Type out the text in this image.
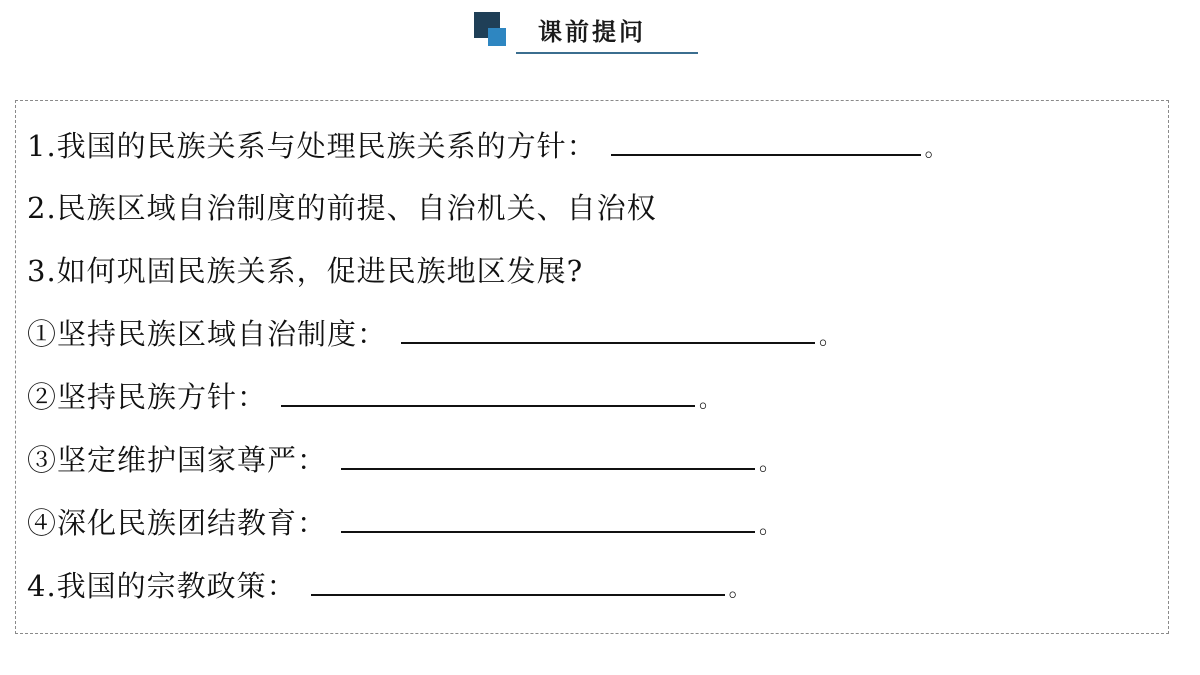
课前提问
1.我国的民族关系与处理民族关系的方针：	。
2.民族区域自治制度的前提、自治机关、自治权
3.如何巩固民族关系，促进民族地区发展?
①坚持民族区域自治制度：	。
②坚持民族方针：	。
③坚定维护国家尊严：	。
④深化民族团结教育：	。
4.我国的宗教政策：	。
